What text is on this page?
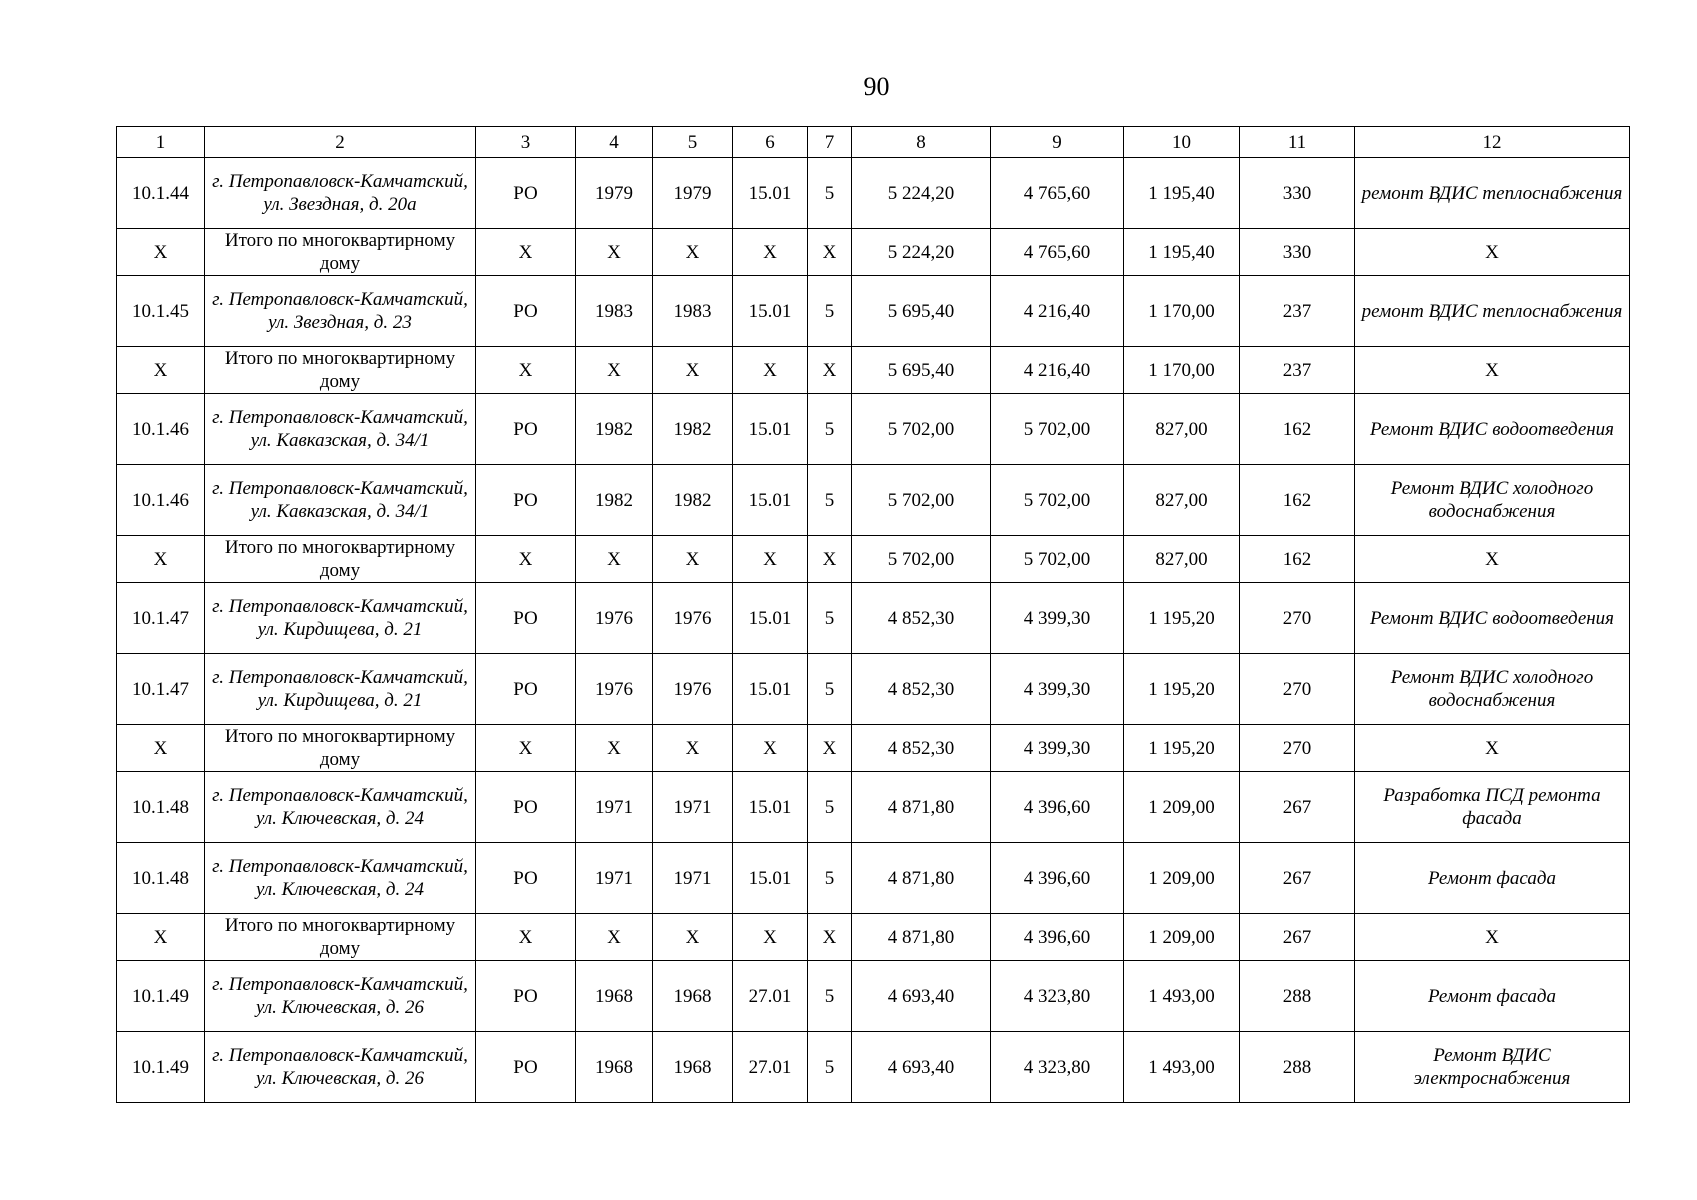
90
1	2	3	4	5	6	7	8	9	10	11	12
10.1.44	г. Петропавловск-Камчатский, ул. Звездная, д. 20а	РО	1979	1979	15.01	5	5 224,20	4 765,60	1 195,40	330	ремонт ВДИС теплоснабжения
X	Итого по многоквартирному дому	X	X	X	X	X	5 224,20	4 765,60	1 195,40	330	X
10.1.45	г. Петропавловск-Камчатский, ул. Звездная, д. 23	РО	1983	1983	15.01	5	5 695,40	4 216,40	1 170,00	237	ремонт ВДИС теплоснабжения
X	Итого по многоквартирному дому	X	X	X	X	X	5 695,40	4 216,40	1 170,00	237	X
10.1.46	г. Петропавловск-Камчатский, ул. Кавказская, д. 34/1	РО	1982	1982	15.01	5	5 702,00	5 702,00	827,00	162	Ремонт ВДИС водоотведения
10.1.46	г. Петропавловск-Камчатский, ул. Кавказская, д. 34/1	РО	1982	1982	15.01	5	5 702,00	5 702,00	827,00	162	Ремонт ВДИС холодного водоснабжения
X	Итого по многоквартирному дому	X	X	X	X	X	5 702,00	5 702,00	827,00	162	X
10.1.47	г. Петропавловск-Камчатский, ул. Кирдищева, д. 21	РО	1976	1976	15.01	5	4 852,30	4 399,30	1 195,20	270	Ремонт ВДИС водоотведения
10.1.47	г. Петропавловск-Камчатский, ул. Кирдищева, д. 21	РО	1976	1976	15.01	5	4 852,30	4 399,30	1 195,20	270	Ремонт ВДИС холодного водоснабжения
X	Итого по многоквартирному дому	X	X	X	X	X	4 852,30	4 399,30	1 195,20	270	X
10.1.48	г. Петропавловск-Камчатский, ул. Ключевская, д. 24	РО	1971	1971	15.01	5	4 871,80	4 396,60	1 209,00	267	Разработка ПСД ремонта фасада
10.1.48	г. Петропавловск-Камчатский, ул. Ключевская, д. 24	РО	1971	1971	15.01	5	4 871,80	4 396,60	1 209,00	267	Ремонт фасада
X	Итого по многоквартирному дому	X	X	X	X	X	4 871,80	4 396,60	1 209,00	267	X
10.1.49	г. Петропавловск-Камчатский, ул. Ключевская, д. 26	РО	1968	1968	27.01	5	4 693,40	4 323,80	1 493,00	288	Ремонт фасада
10.1.49	г. Петропавловск-Камчатский, ул. Ключевская, д. 26	РО	1968	1968	27.01	5	4 693,40	4 323,80	1 493,00	288	Ремонт ВДИС электроснабжения
